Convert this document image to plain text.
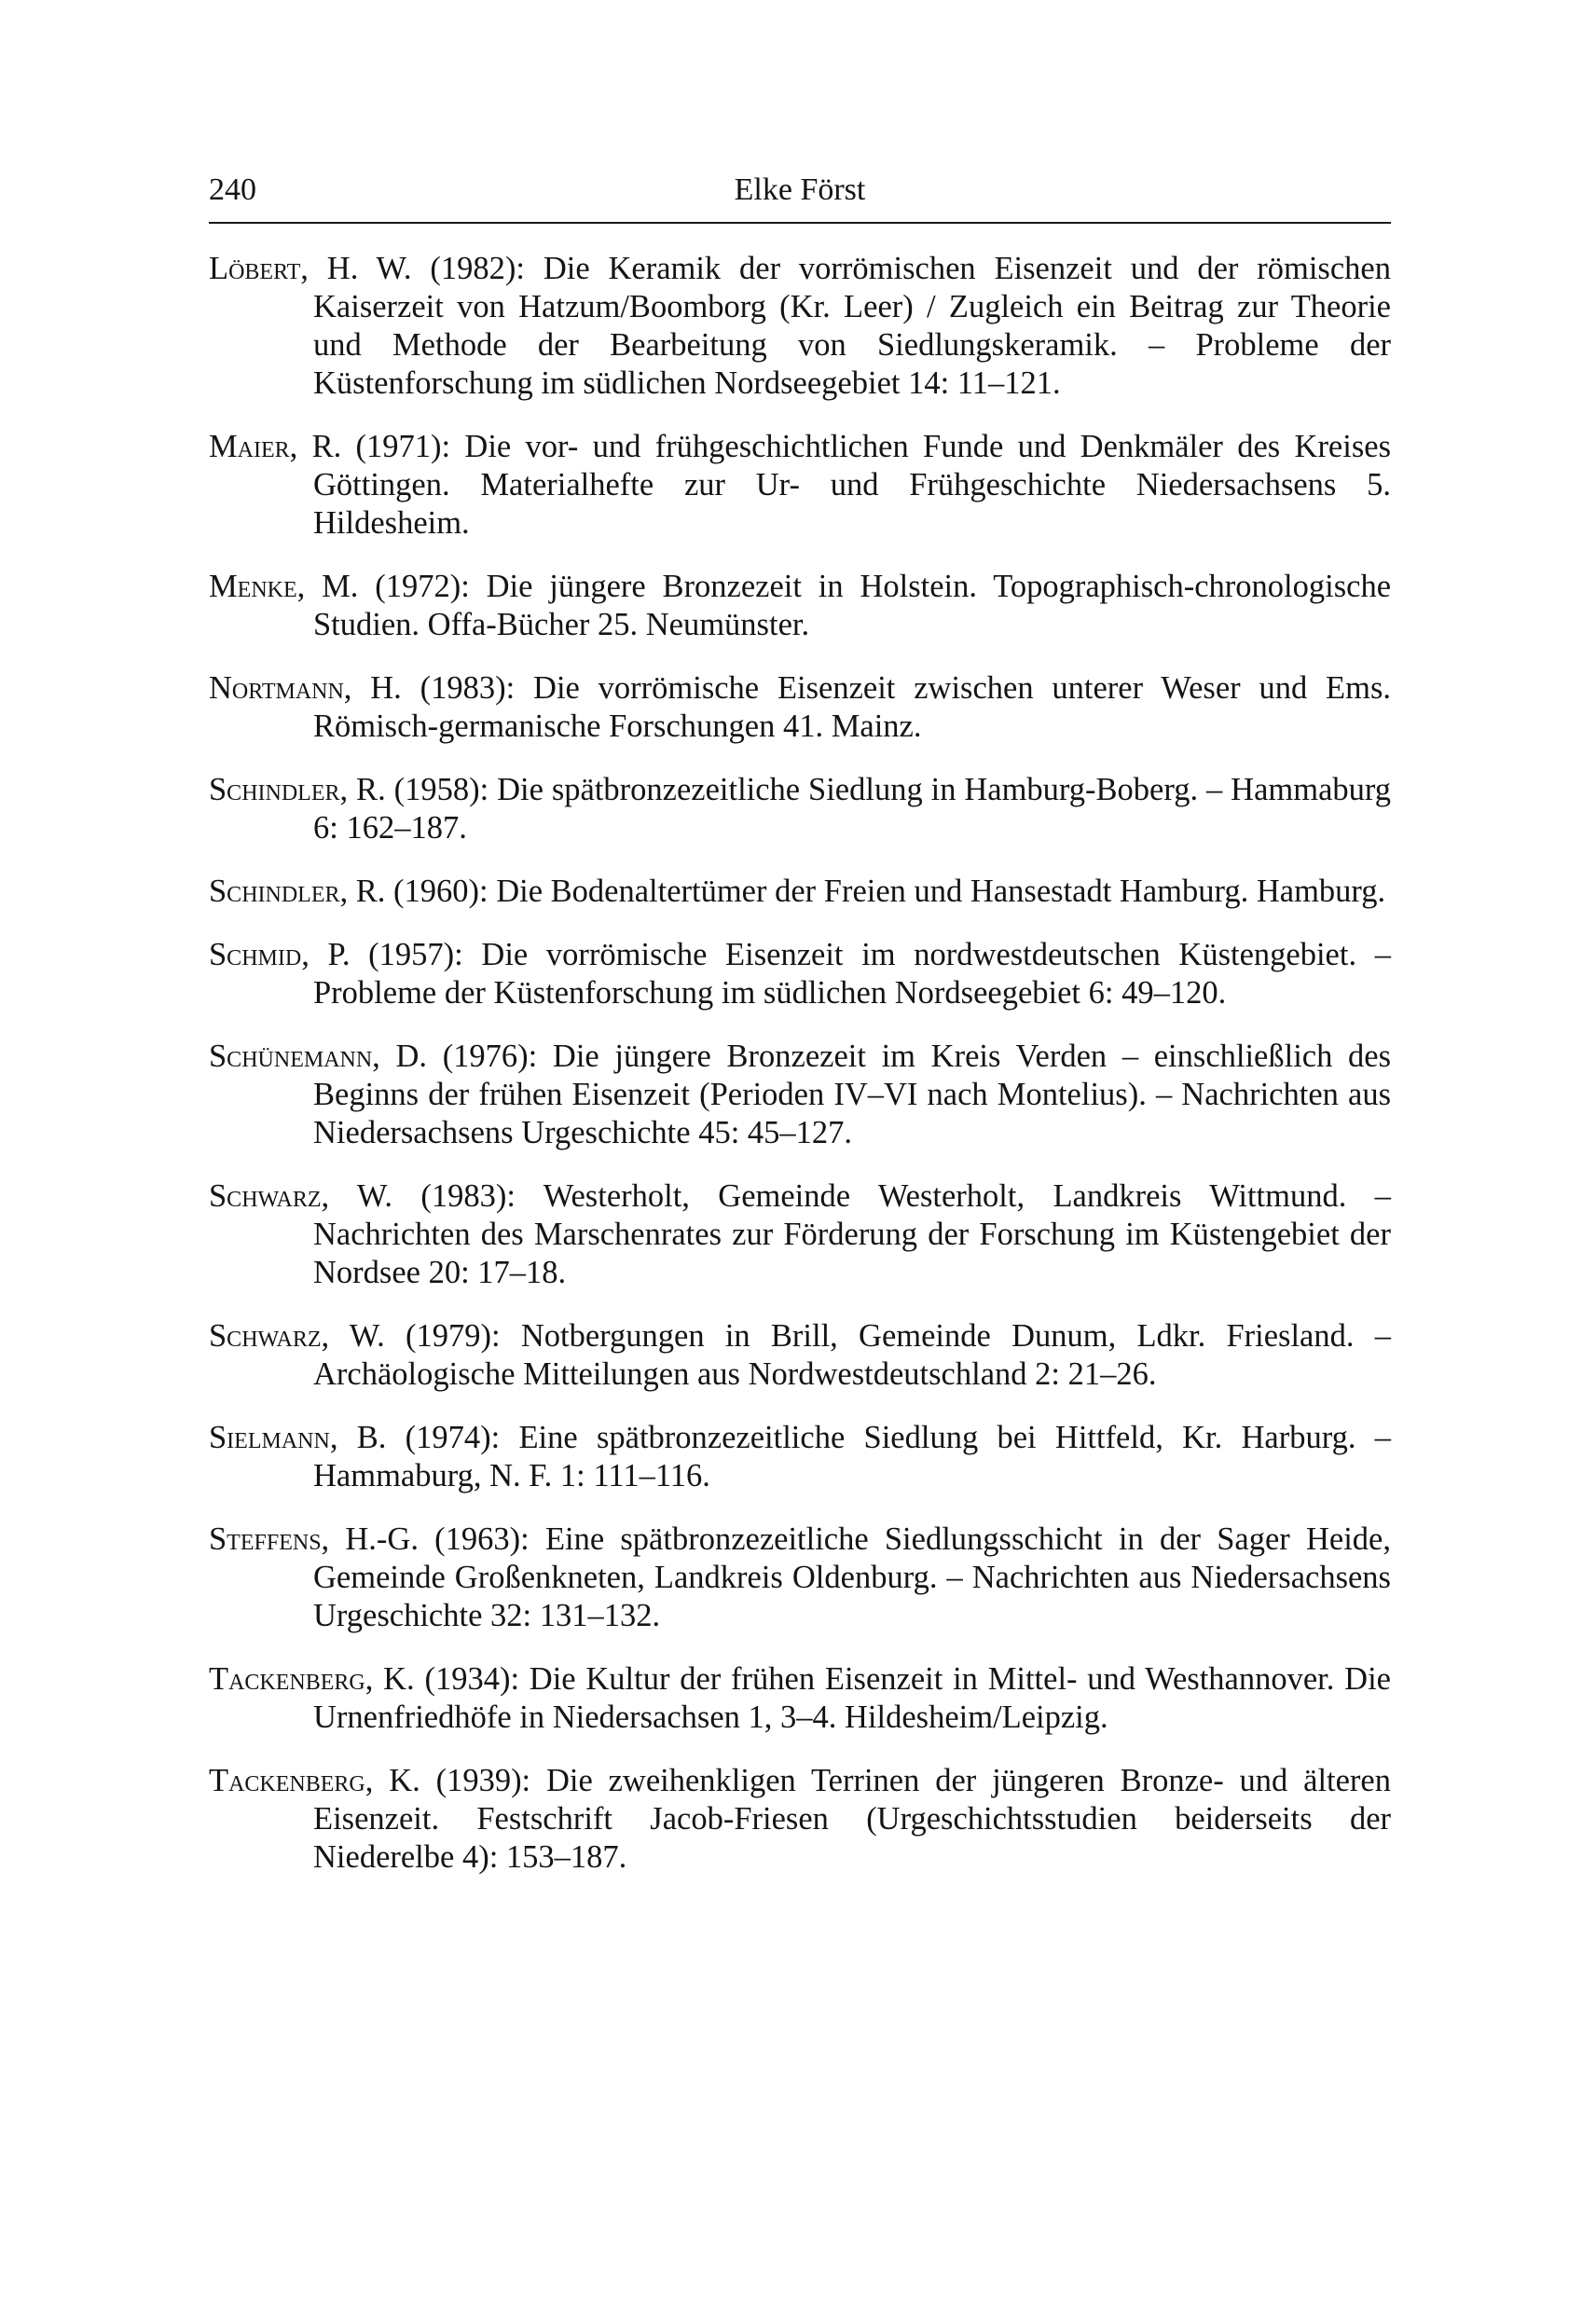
240	Elke Först

Löbert, H. W. (1982): Die Keramik der vorrömischen Eisenzeit und der römischen Kaiserzeit von Hatzum/Boomborg (Kr. Leer) / Zugleich ein Beitrag zur Theorie und Methode der Bearbeitung von Siedlungskeramik. – Probleme der Küstenforschung im südlichen Nordseegebiet 14: 11–121.

Maier, R. (1971): Die vor- und frühgeschichtlichen Funde und Denkmäler des Kreises Göttingen. Materialhefte zur Ur- und Frühgeschichte Niedersachsens 5. Hildesheim.

Menke, M. (1972): Die jüngere Bronzezeit in Holstein. Topographisch-chronologische Studien. Offa-Bücher 25. Neumünster.

Nortmann, H. (1983): Die vorrömische Eisenzeit zwischen unterer Weser und Ems. Römisch-germanische Forschungen 41. Mainz.

Schindler, R. (1958): Die spätbronzezeitliche Siedlung in Hamburg-Boberg. – Hammaburg 6: 162–187.

Schindler, R. (1960): Die Bodenaltertümer der Freien und Hansestadt Hamburg. Hamburg.

Schmid, P. (1957): Die vorrömische Eisenzeit im nordwestdeutschen Küstengebiet. – Probleme der Küstenforschung im südlichen Nordseegebiet 6: 49–120.

Schünemann, D. (1976): Die jüngere Bronzezeit im Kreis Verden – einschließlich des Beginns der frühen Eisenzeit (Perioden IV–VI nach Montelius). – Nachrichten aus Niedersachsens Urgeschichte 45: 45–127.

Schwarz, W. (1983): Westerholt, Gemeinde Westerholt, Landkreis Wittmund. – Nachrichten des Marschenrates zur Förderung der Forschung im Küstengebiet der Nordsee 20: 17–18.

Schwarz, W. (1979): Notbergungen in Brill, Gemeinde Dunum, Ldkr. Friesland. – Archäologische Mitteilungen aus Nordwestdeutschland 2: 21–26.

Sielmann, B. (1974): Eine spätbronzezeitliche Siedlung bei Hittfeld, Kr. Harburg. – Hammaburg, N. F. 1: 111–116.

Steffens, H.-G. (1963): Eine spätbronzezeitliche Siedlungsschicht in der Sager Heide, Gemeinde Großenkneten, Landkreis Oldenburg. – Nachrichten aus Niedersachsens Urgeschichte 32: 131–132.

Tackenberg, K. (1934): Die Kultur der frühen Eisenzeit in Mittel- und Westhannover. Die Urnenfriedhöfe in Niedersachsen 1, 3–4. Hildesheim/Leipzig.

Tackenberg, K. (1939): Die zweihenkligen Terrinen der jüngeren Bronze- und älteren Eisenzeit. Festschrift Jacob-Friesen (Urgeschichtsstudien beiderseits der Niederelbe 4): 153–187.
